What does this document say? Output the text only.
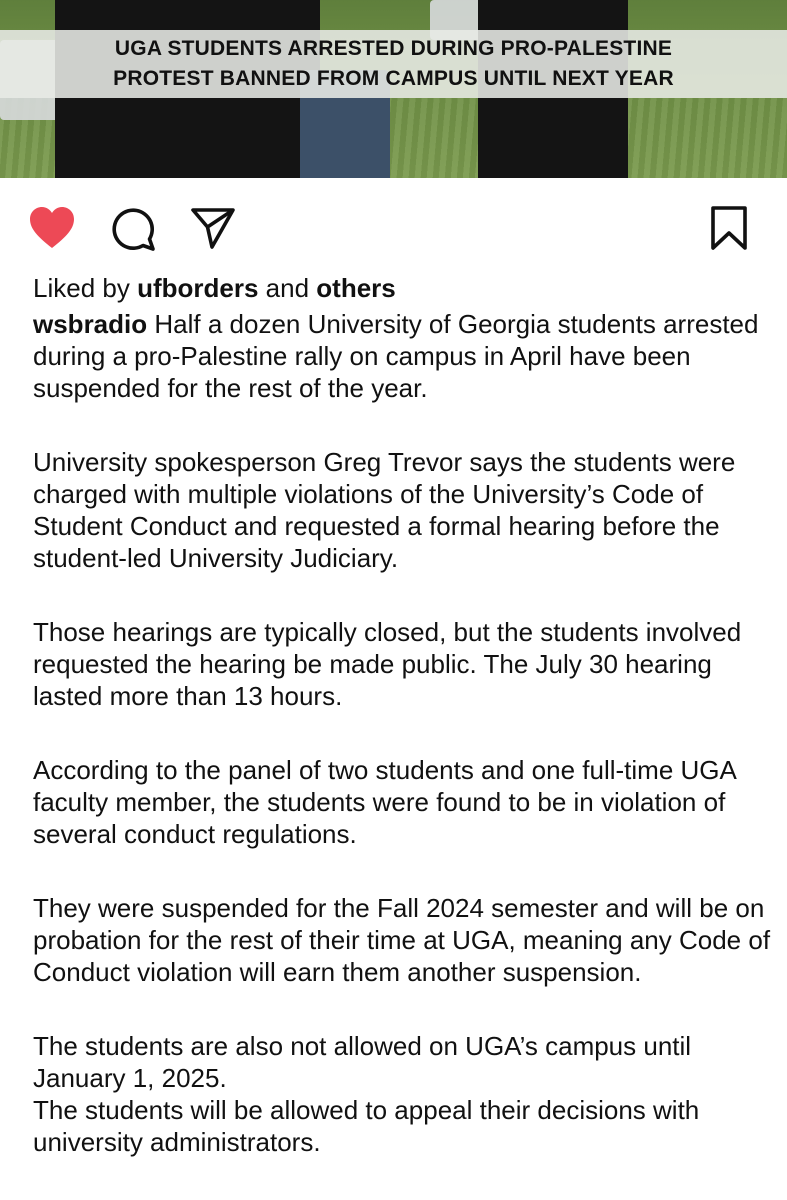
UGA STUDENTS ARRESTED DURING PRO-PALESTINE PROTEST BANNED FROM CAMPUS UNTIL NEXT YEAR
Liked by ufborders and others
wsbradio Half a dozen University of Georgia students arrested during a pro-Palestine rally on campus in April have been suspended for the rest of the year.
University spokesperson Greg Trevor says the students were charged with multiple violations of the University’s Code of Student Conduct and requested a formal hearing before the student-led University Judiciary.
Those hearings are typically closed, but the students involved requested the hearing be made public. The July 30 hearing lasted more than 13 hours.
According to the panel of two students and one full-time UGA faculty member, the students were found to be in violation of several conduct regulations.
They were suspended for the Fall 2024 semester and will be on probation for the rest of their time at UGA, meaning any Code of Conduct violation will earn them another suspension.
The students are also not allowed on UGA’s campus until January 1, 2025.
The students will be allowed to appeal their decisions with university administrators.
